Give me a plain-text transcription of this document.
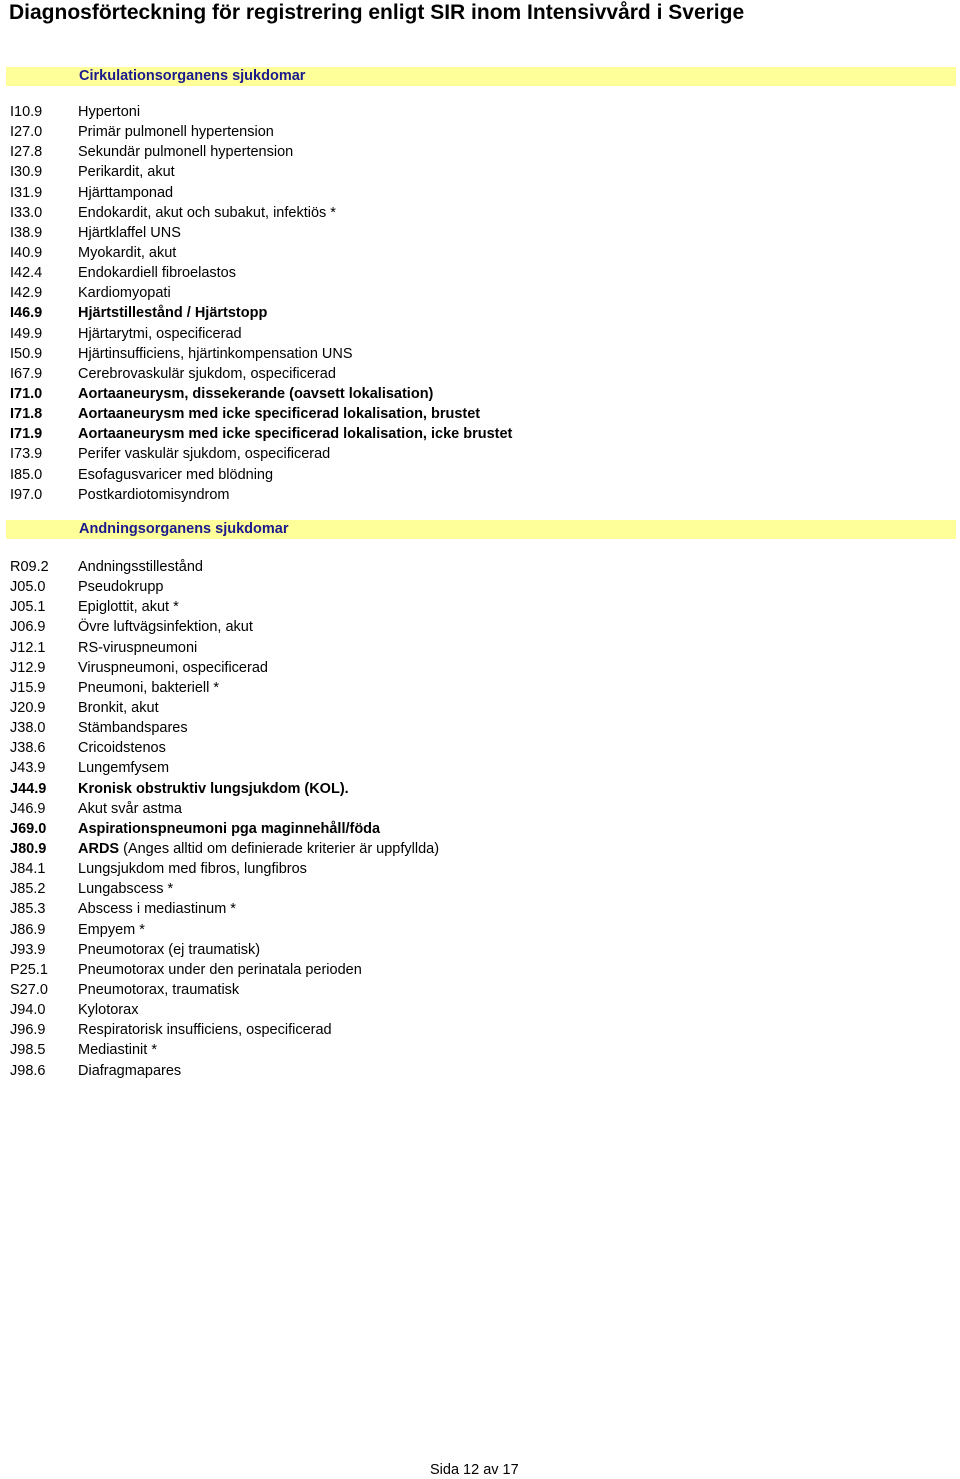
Diagnosförteckning för registrering enligt SIR inom Intensivvård i Sverige
Cirkulationsorganens sjukdomar
I10.9 Hypertoni
I27.0 Primär pulmonell hypertension
I27.8 Sekundär pulmonell hypertension
I30.9 Perikardit, akut
I31.9 Hjärttamponad
I33.0 Endokardit, akut och subakut, infektiös *
I38.9 Hjärtklaffel UNS
I40.9 Myokardit, akut
I42.4 Endokardiell fibroelastos
I42.9 Kardiomyopati
I46.9 Hjärtstillestånd / Hjärtstopp
I49.9 Hjärtarytmi, ospecificerad
I50.9 Hjärtinsufficiens, hjärtinkompensation UNS
I67.9 Cerebrovaskulär sjukdom, ospecificerad
I71.0 Aortaaneurysm, dissekerande (oavsett lokalisation)
I71.8 Aortaaneurysm med icke specificerad lokalisation, brustet
I71.9 Aortaaneurysm med icke specificerad lokalisation, icke brustet
I73.9 Perifer vaskulär sjukdom, ospecificerad
I85.0 Esofagusvaricer med blödning
I97.0 Postkardiotomisyndrom
Andningsorganens sjukdomar
R09.2 Andningsstillestånd
J05.0 Pseudokrupp
J05.1 Epiglottit, akut *
J06.9 Övre luftvägsinfektion, akut
J12.1 RS-viruspneumoni
J12.9 Viruspneumoni, ospecificerad
J15.9 Pneumoni, bakteriell *
J20.9 Bronkit, akut
J38.0 Stämbandspares
J38.6 Cricoidstenos
J43.9 Lungemfysem
J44.9 Kronisk obstruktiv lungsjukdom (KOL).
J46.9 Akut svår astma
J69.0 Aspirationspneumoni pga maginnehåll/föda
J80.9 ARDS (Anges alltid om definierade kriterier är uppfyllda)
J84.1 Lungsjukdom med fibros, lungfibros
J85.2 Lungabscess *
J85.3 Abscess i mediastinum *
J86.9 Empyem *
J93.9 Pneumotorax (ej traumatisk)
P25.1 Pneumotorax under den perinatala perioden
S27.0 Pneumotorax, traumatisk
J94.0 Kylotorax
J96.9 Respiratorisk insufficiens, ospecificerad
J98.5 Mediastinit *
J98.6 Diafragmapares
Sida 12 av 17
